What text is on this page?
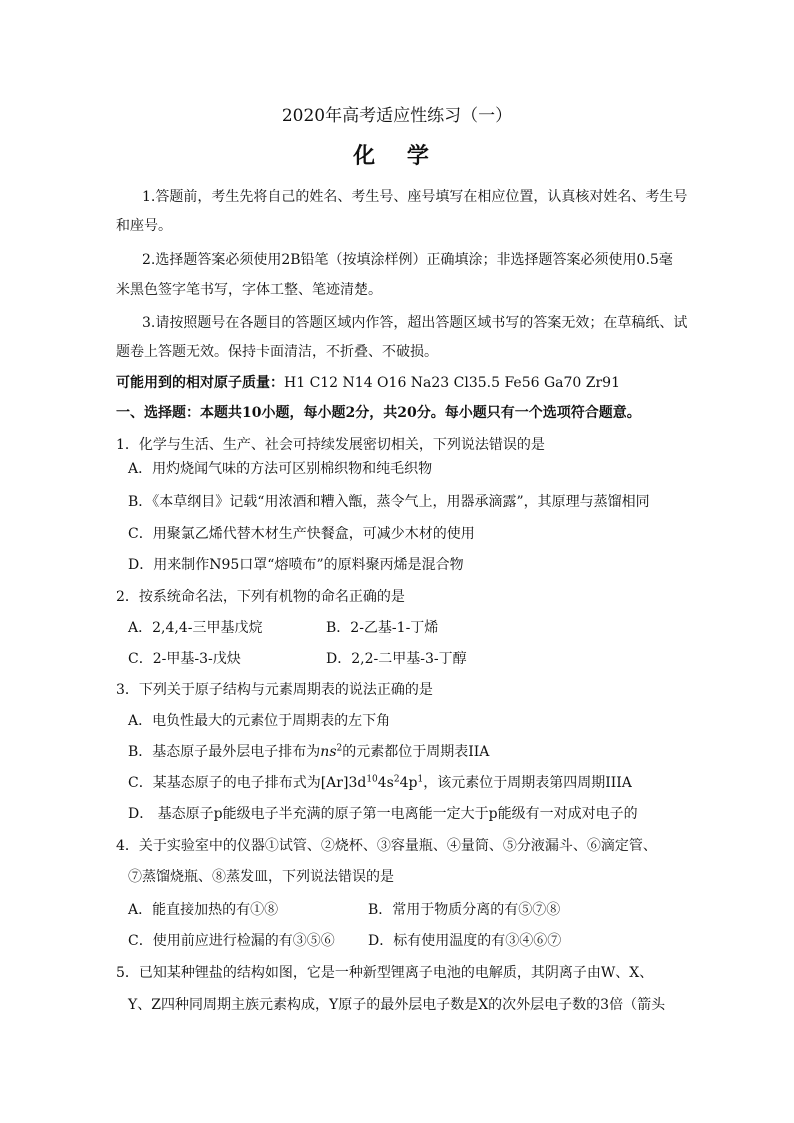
2020年高考适应性练习（一）
化 学
1.答题前，考生先将自己的姓名、考生号、座号填写在相应位置，认真核对姓名、考生号
和座号。
2.选择题答案必须使用2B铅笔（按填涂样例）正确填涂；非选择题答案必须使用0.5毫
米黑色签字笔书写，字体工整、笔迹清楚。
3.请按照题号在各题目的答题区域内作答，超出答题区域书写的答案无效；在草稿纸、试
题卷上答题无效。保持卡面清洁，不折叠、不破损。
可能用到的相对原子质量：H1 C12 N14 O16 Na23 Cl35.5 Fe56 Ga70 Zr91
一、选择题：本题共10小题，每小题2分，共20分。每小题只有一个选项符合题意。
1．化学与生活、生产、社会可持续发展密切相关，下列说法错误的是
A．用灼烧闻气味的方法可区别棉织物和纯毛织物
B．《本草纲目》记载“用浓酒和糟入甑，蒸令气上，用器承滴露”，其原理与蒸馏相同
C．用聚氯乙烯代替木材生产快餐盒，可减少木材的使用
D．用来制作N95口罩“熔喷布”的原料聚丙烯是混合物
2．按系统命名法，下列有机物的命名正确的是
A．2,4,4-三甲基戊烷	B．2-乙基-1-丁烯
C．2-甲基-3-戊炔	D．2,2-二甲基-3-丁醇
3．下列关于原子结构与元素周期表的说法正确的是
A．电负性最大的元素位于周期表的左下角
B．基态原子最外层电子排布为$ns^2$的元素都位于周期表IIA
C．某基态原子的电子排布式为$[Ar]3d^{10}4s^24p^1$，该元素位于周期表第四周期IIIA
D． 基态原子p能级电子半充满的原子第一电离能一定大于p能级有一对成对电子的
4．关于实验室中的仪器①试管、②烧杯、③容量瓶、④量筒、⑤分液漏斗、⑥滴定管、
⑦蒸馏烧瓶、⑧蒸发皿，下列说法错误的是
A．能直接加热的有①⑧	B．常用于物质分离的有⑤⑦⑧
C．使用前应进行检漏的有③⑤⑥ D．标有使用温度的有③④⑥⑦
5．已知某种锂盐的结构如图，它是一种新型锂离子电池的电解质，其阴离子由W、X、
Y、Z四种同周期主族元素构成，Y原子的最外层电子数是X的次外层电子数的3倍（箭头
